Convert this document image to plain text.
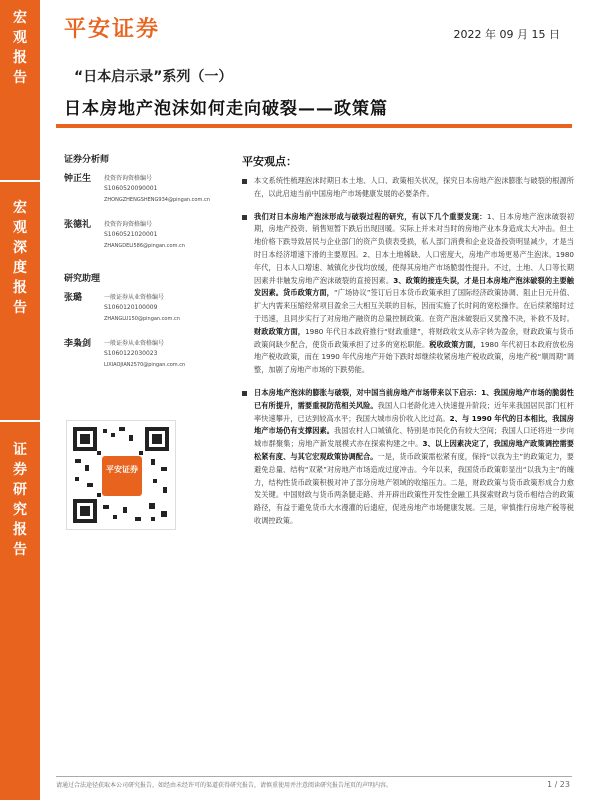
宏
观
报
告
宏
观
深
度
报
告
证
券
研
究
报
告
平安证券	2022 年 09 月 15 日
“日本启示录”系列（一）
日本房地产泡沫如何走向破裂——政策篇
证券分析师
钟正生 投资咨询资格编号
S1060520090001
ZHONGZHENGSHENG934@pingan.com.cn
张德礼 投资咨询资格编号
S1060521020001
ZHANGDELI586@pingan.com.cn
研究助理
张璐	一般证券从业资格编号
S1060120100009
ZHANGLU150@pingan.com.cn
李枭剑 一般证券从业资格编号
S1060122030023
LIXIAOJIAN2570@pingan.com.cn
平安证券
平安观点：
本文系统性梳理泡沫时期日本土地、人口、政策相关状况，探究日本房地产泡沫膨胀与破裂的根源所在，以此启迪当前中国房地产市场健康发展的必要条件。
我们对日本房地产泡沫形成与破裂过程的研究，有以下几个重要发现：1、日本房地产泡沫破裂初期，房地产投资、销售短暂下跌后出现回暖。实际上并未对当时的房地产业本身造成太大冲击。但土地价格下跌导致居民与企业部门的资产负债表受损，私人部门消费和企业设备投资明显减少，才是当时日本经济增速下滑的主要原因。2、日本土地稀缺、人口密度大，房地产市场更易产生泡沫。1980 年代，日本人口增速、城镇化步伐均放缓，使得其房地产市场脆弱性提升。不过，土地、人口等长期因素并非触发房地产泡沫破裂的直接因素。3、政策的接连失误，才是日本房地产泡沫破裂的主要触发因素。货币政策方面，“广场协议”签订后日本货币政策承担了国际经济政策协调、阻止日元升值、扩大内需来压缩经常项目盈余三大相互关联的目标，因而实施了长时间的宽松操作。在后续紧缩时过于迅速，且同步实行了对房地产融资的总量控制政策。在资产泡沫破裂后又犹豫不决，补救不及时。财政政策方面，1980 年代日本政府推行“财政重建”，将财政收支从赤字转为盈余，财政政策与货币政策间缺少配合，使货币政策承担了过多的宽松职能。税收政策方面，1980 年代初日本政府放松房地产税收政策，而在 1990 年代房地产开始下跌时却继续收紧房地产税收政策，房地产税“顺周期”调整，加剧了房地产市场的下跌势能。
日本房地产泡沫的膨胀与破裂，对中国当前房地产市场带来以下启示：1、我国房地产市场的脆弱性已有所提升，需要重视防范相关风险。我国人口老龄化进入快速提升阶段；近年来我国居民部门杠杆率快速攀升，已达到较高水平；我国大城市房价收入比过高。2、与 1990 年代的日本相比，我国房地产市场仍有支撑因素。我国农村人口城镇化、特别是市民化仍有较大空间；我国人口还将进一步向城市群聚集；房地产新发展模式亦在探索构建之中。3、以上因素决定了，我国房地产政策调控需要松紧有度、与其它宏观政策协调配合。一是，货币政策需松紧有度，保持“以我为主”的政策定力，要避免总量、结构“双紧”对房地产市场造成过度冲击。今年以来，我国货币政策彰显出“以我为主”的魄力，结构性货币政策积极对冲了部分房地产领域的收缩压力。二是，财政政策与货币政策形成合力愈发关键。中国财政与货币两条腿走路、并开辟出政策性开发性金融工具探索财政与货币相结合的政策路径，有益于避免货币大水漫灌的后遗症，促进房地产市场健康发展。三是，审慎推行房地产税等税收调控政策。
请通过合法途径获取本公司研究报告，如经由未经许可的渠道获得研究报告，请慎重使用并注意阅读研究报告尾页的声明内容。	1 / 23
